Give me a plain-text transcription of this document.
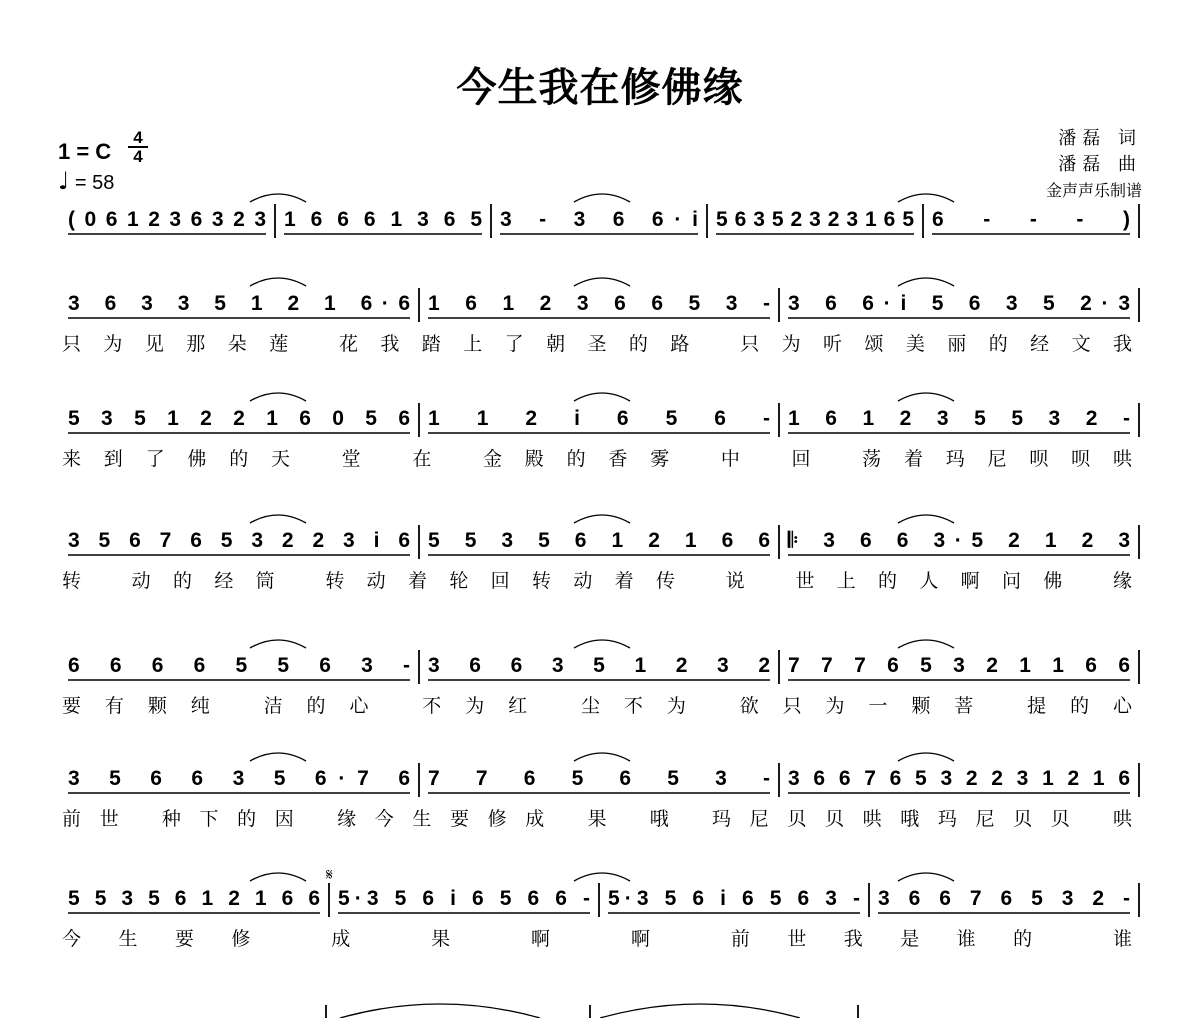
今生我在修佛缘
潘磊 词
潘磊 曲
金声声乐制谱
1 = C
4
4
♩ = 58
( 0 6 1 2 3 6 3 2 3 1 6 6 6 1 3 6 5 3 - 3 6 6·i 5 6 3 5 2 3 2 3 1 6 5 6 - - - )
3 6 3 3 5 1 2 1 6·6 1 6 1 2 3 6 6 5 3 - 3 6 6·i 5 6 3 5 2·3
只为见那朵莲 花我踏上了朝圣的路 只为听颂美丽的经文我
5 3 5 1 2 2 1 6 0 5 6 1 1 2 i 6 5 6 - 1 6 1 2 3 5 5 3 2 -
来到了佛的天 堂 在 金殿的香雾 中 回 荡着玛尼呗呗哄
3 5 6 7 6 5 3 2 2 3 i 6 5 5 3 5 6 1 2 1 6 6 𝄆 3 6 6 3·5 2 1 2 3
转 动的经筒 转动着轮回转动着传 说 世上的人啊问佛 缘
6 6 6 6 5 5 6 3 - 3 6 6 3 5 1 2 3 2 7 7 7 6 5 3 2 1 1 6 6
要有颗纯 洁的心 不为红 尘不为 欲只为一颗菩 提的心
3 5 6 6 3 5 6·7 6 7 7 6 5 6 5 3 - 3 6 6 7 6 5 3 2 2 3 1 2 1 6
前世 种下的因 缘今生要修成 果 哦 玛尼贝贝哄哦玛尼贝贝 哄
5 5 3 5 6 1 2 1 6 6 5·3 5 6 i 6 5 6 6 - 5·3 5 6 i 6 5 6 3 - 3 6 6 7 6 5 3 2 -
今生要修 成 果 啊 啊 前世我是谁的 谁
𝄋
